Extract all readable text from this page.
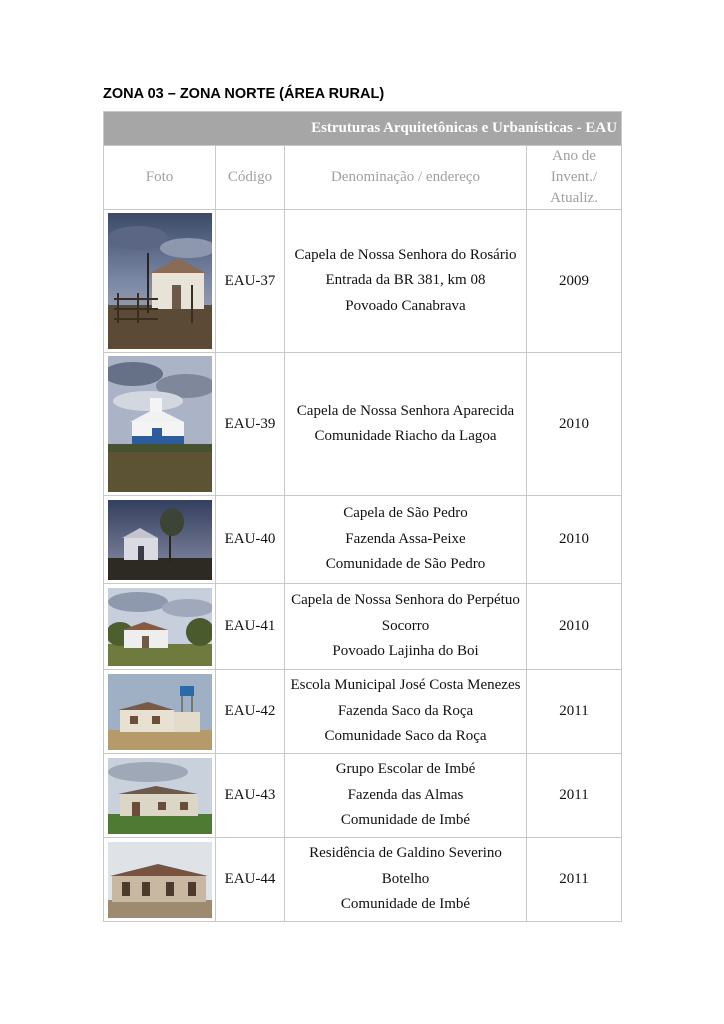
ZONA 03 – ZONA NORTE (ÁREA RURAL)
Estruturas Arquitetônicas e Urbanísticas - EAU			
Foto	Código	Denominação / endereço	Ano de
Invent./
Atualiz.

	EAU-37	Capela de Nossa Senhora do Rosário
Entrada da BR 381, km 08
Povoado Canabrava	2009

	EAU-39	Capela de Nossa Senhora Aparecida
Comunidade Riacho da Lagoa	2010

	EAU-40	Capela de São Pedro
Fazenda Assa-Peixe
Comunidade de São Pedro	2010

	EAU-41	Capela de Nossa Senhora do Perpétuo
Socorro
Povoado Lajinha do Boi	2010

	EAU-42	Escola Municipal José Costa Menezes
Fazenda Saco da Roça
Comunidade Saco da Roça	2011

	EAU-43	Grupo Escolar de Imbé
Fazenda das Almas
Comunidade de Imbé	2011

	EAU-44	Residência de Galdino Severino
Botelho
Comunidade de Imbé	2011
